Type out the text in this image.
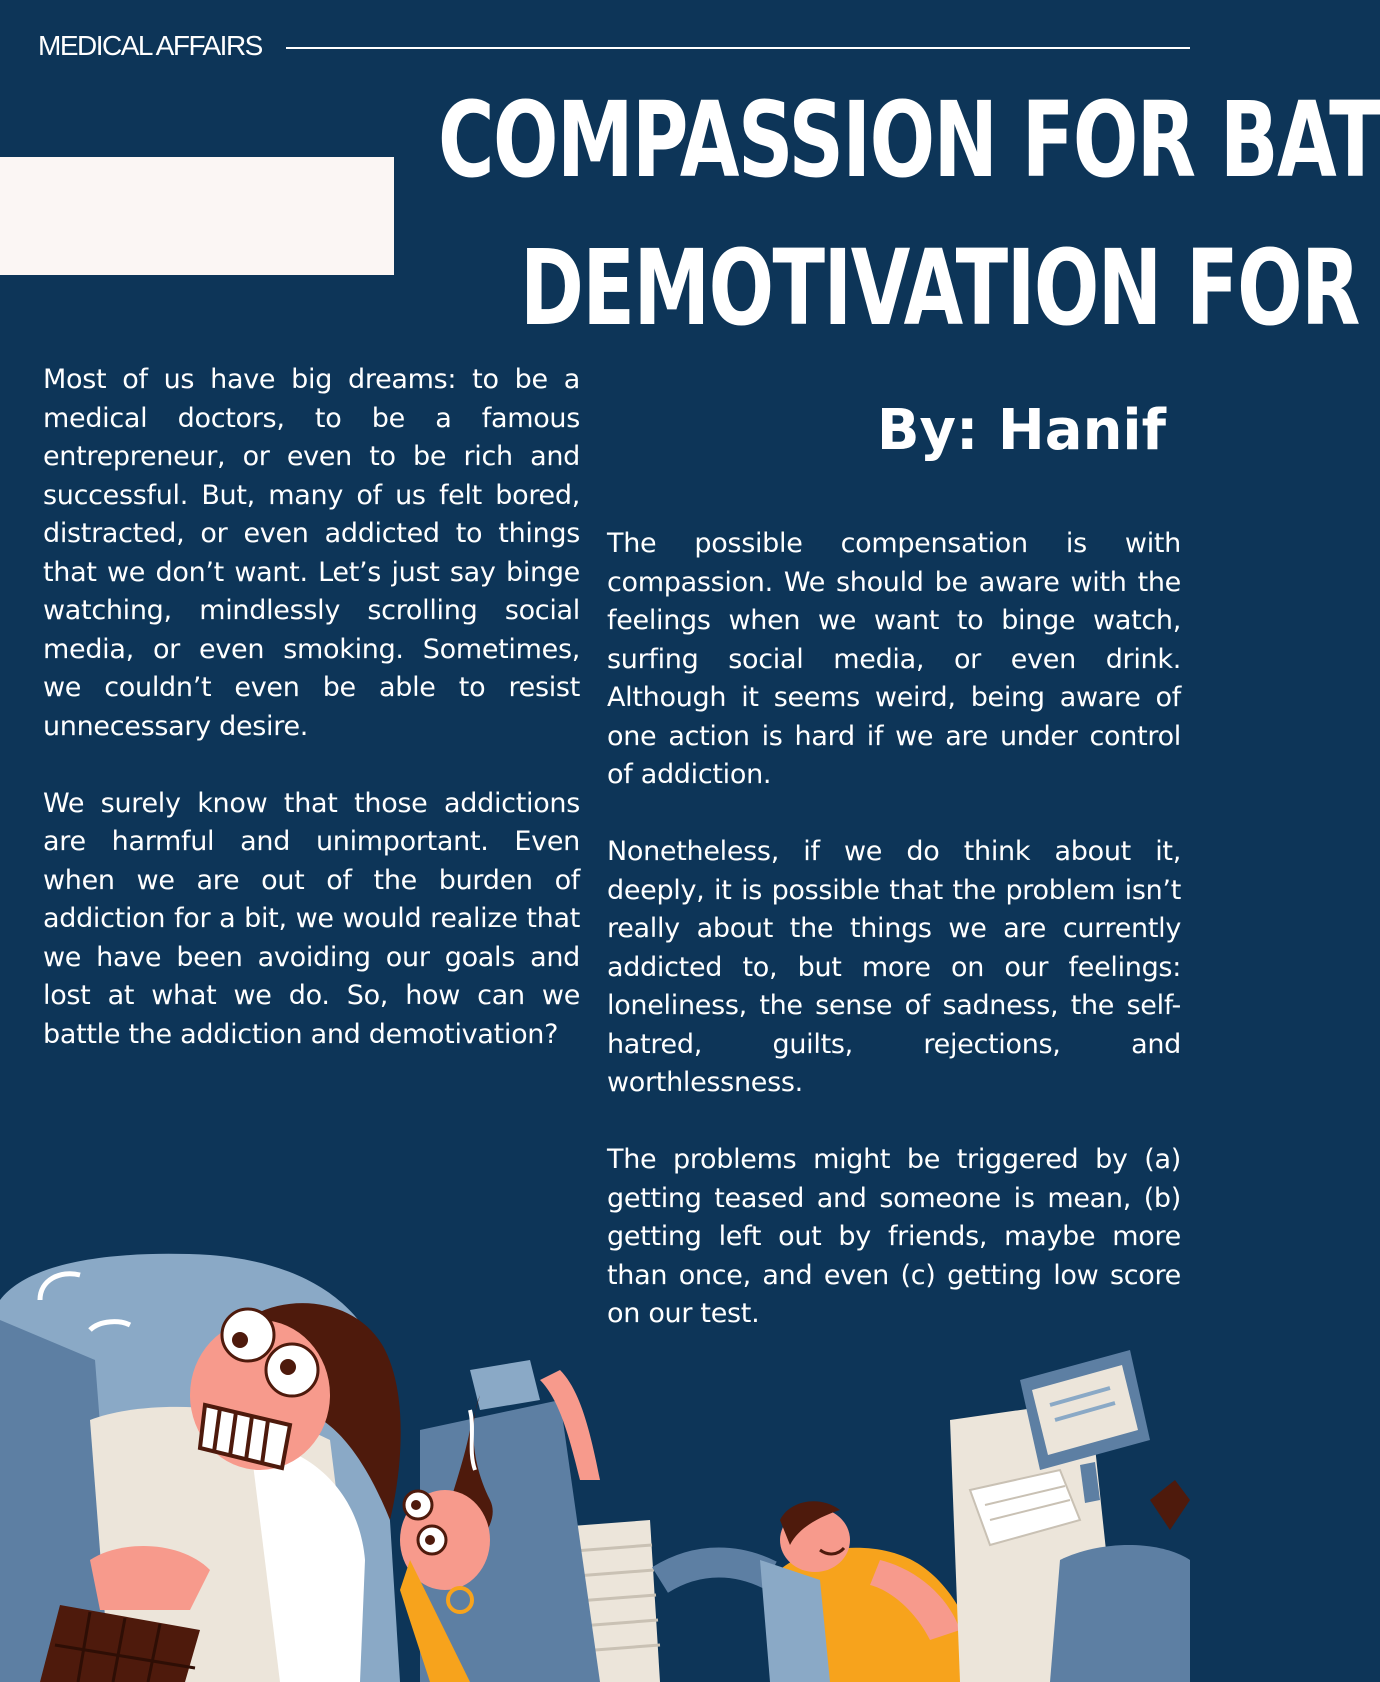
MEDICAL AFFAIRS
COMPASSION FOR BAT
DEMOTIVATION FOR
By: Hanif

Most of us have big dreams: to be a medical doctors, to be a famous entrepreneur, or even to be rich and successful. But, many of us felt bored, distracted, or even addicted to things that we don’t want. Let’s just say binge watching, mindlessly scrolling social media, or even smoking. Sometimes, we couldn’t even be able to resist unnecessary desire.

We surely know that those addictions are harmful and unimportant. Even when we are out of the burden of addiction for a bit, we would realize that we have been avoiding our goals and lost at what we do. So, how can we battle the addiction and demotivation?

The possible compensation is with compassion. We should be aware with the feelings when we want to binge watch, surfing social media, or even drink. Although it seems weird, being aware of one action is hard if we are under control of addiction.

Nonetheless, if we do think about it, deeply, it is possible that the problem isn’t really about the things we are currently addicted to, but more on our feelings: loneliness, the sense of sadness, the self-hatred, guilts, rejections, and worthlessness.

The problems might be triggered by (a) getting teased and someone is mean, (b) getting left out by friends, maybe more than once, and even (c) getting low score on our test.
